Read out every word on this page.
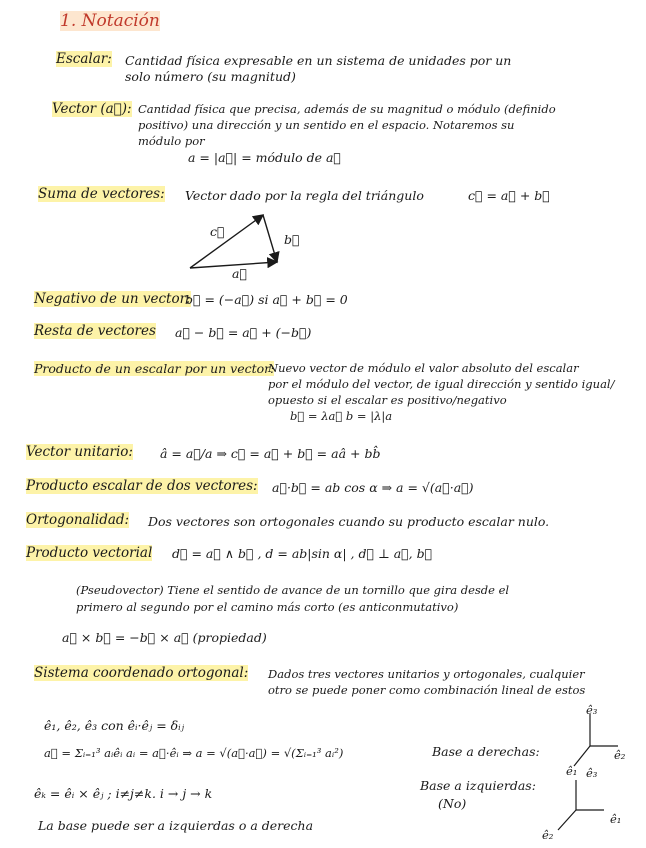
1. Notación
Escalar: Cantidad física expresable en un sistema de unidades por un
solo número (su magnitud)
Vector (a⃗): Cantidad física que precisa, además de su magnitud o módulo (definido
positivo) una dirección y un sentido en el espacio. Notaremos su
módulo por
a = |a⃗| = módulo de a⃗
Suma de vectores: Vector dado por la regla del triángulo	c⃗ = a⃗ + b⃗
c⃗
b⃗
a⃗
Negativo de un vector:
b⃗ = (−a⃗) si a⃗ + b⃗ = 0
Resta de vectores a⃗ − b⃗ = a⃗ + (−b⃗)
Producto de un escalar por un vector:
Nuevo vector de módulo el valor absoluto del escalar
por el módulo del vector, de igual dirección y sentido igual/
opuesto si el escalar es positivo/negativo
b⃗ = λa⃗ b = |λ|a
Vector unitario: â = a⃗/a ⇒ c⃗ = a⃗ + b⃗ = aâ + bb̂
Producto escalar de dos vectores: a⃗·b⃗ = ab cos α ⇒ a = √(a⃗·a⃗)
Ortogonalidad: Dos vectores son ortogonales cuando su producto escalar nulo.
Producto vectorial d⃗ = a⃗ ∧ b⃗ , d = ab|sin α| , d⃗ ⊥ a⃗, b⃗
(Pseudovector) Tiene el sentido de avance de un tornillo que gira desde el
primero al segundo por el camino más corto (es anticonmutativo)
a⃗ × b⃗ = −b⃗ × a⃗ (propiedad)
Sistema coordenado ortogonal: Dados tres vectores unitarios y ortogonales, cualquier
otro se puede poner como combinación lineal de estos
ê₁, ê₂, ê₃ con êᵢ·êⱼ = δᵢⱼ
a⃗ = Σᵢ₌₁³ aᵢêᵢ aᵢ = a⃗·êᵢ ⇒ a = √(a⃗·a⃗) = √(Σᵢ₌₁³ aᵢ²)
êₖ = êᵢ × êⱼ ; i≠j≠k. i → j → k
La base puede ser a izquierdas o a derecha
Base a derechas:
Base a izquierdas:
(No)
ê₃
ê₂
ê₁ ê₃
ê₁
ê₂
